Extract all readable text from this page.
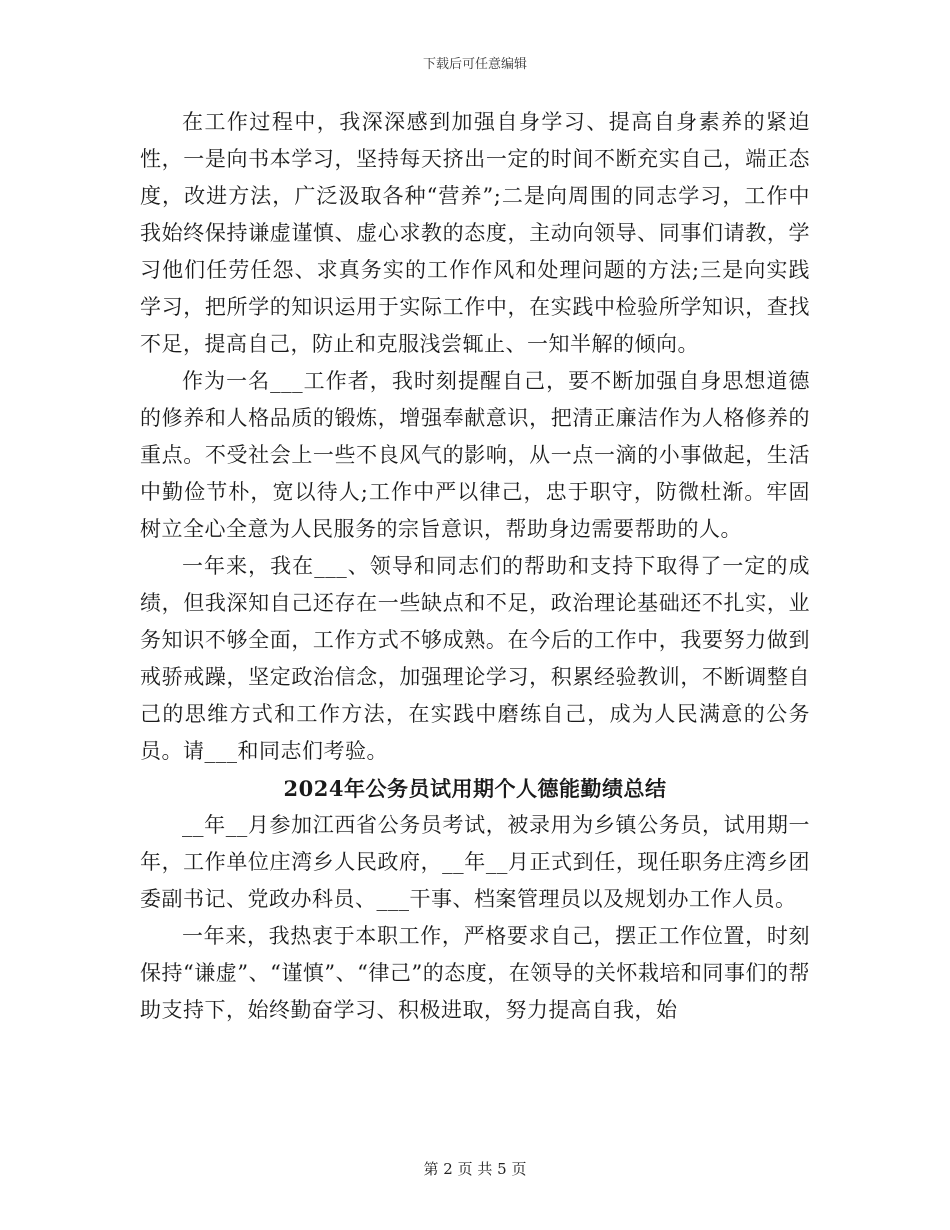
下载后可任意编辑

在工作过程中，我深深感到加强自身学习、提高自身素养的紧迫性，一是向书本学习，坚持每天挤出一定的时间不断充实自己，端正态度，改进方法，广泛汲取各种“营养”;二是向周围的同志学习，工作中我始终保持谦虚谨慎、虚心求教的态度，主动向领导、同事们请教，学习他们任劳任怨、求真务实的工作作风和处理问题的方法;三是向实践学习，把所学的知识运用于实际工作中，在实践中检验所学知识，查找不足，提高自己，防止和克服浅尝辄止、一知半解的倾向。

作为一名___工作者，我时刻提醒自己，要不断加强自身思想道德的修养和人格品质的锻炼，增强奉献意识，把清正廉洁作为人格修养的重点。不受社会上一些不良风气的影响，从一点一滴的小事做起，生活中勤俭节朴，宽以待人;工作中严以律己，忠于职守，防微杜渐。牢固树立全心全意为人民服务的宗旨意识，帮助身边需要帮助的人。

一年来，我在___、领导和同志们的帮助和支持下取得了一定的成绩，但我深知自己还存在一些缺点和不足，政治理论基础还不扎实，业务知识不够全面，工作方式不够成熟。在今后的工作中，我要努力做到戒骄戒躁，坚定政治信念，加强理论学习，积累经验教训，不断调整自己的思维方式和工作方法，在实践中磨练自己，成为人民满意的公务员。请___和同志们考验。

2024年公务员试用期个人德能勤绩总结

__年__月参加江西省公务员考试，被录用为乡镇公务员，试用期一年，工作单位庄湾乡人民政府，__年__月正式到任，现任职务庄湾乡团委副书记、党政办科员、___干事、档案管理员以及规划办工作人员。

一年来，我热衷于本职工作，严格要求自己，摆正工作位置，时刻保持“谦虚”、“谨慎”、“律己”的态度，在领导的关怀栽培和同事们的帮助支持下，始终勤奋学习、积极进取，努力提高自我，始

第 2 页 共 5 页
